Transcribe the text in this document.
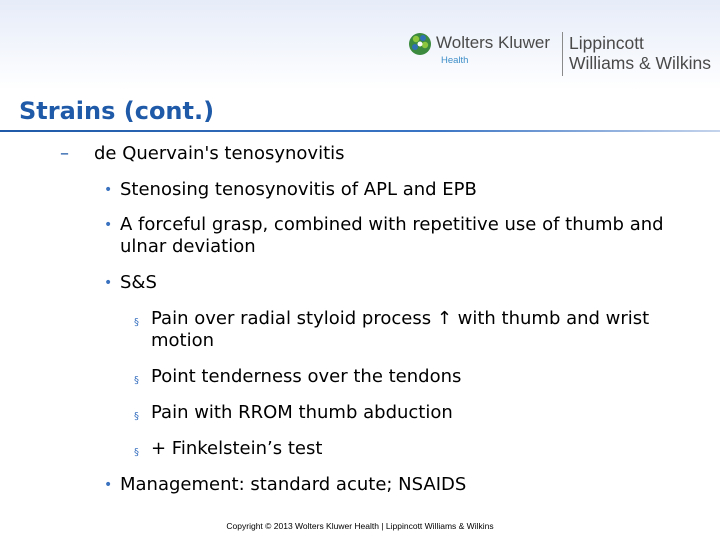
Wolters Kluwer
Health
Lippincott
Williams & Wilkins
Strains (cont.)
– de Quervain's tenosynovitis
• Stenosing tenosynovitis of APL and EPB
• A forceful grasp, combined with repetitive use of thumb and ulnar deviation
• S&S
§ Pain over radial styloid process ↑ with thumb and wrist motion
§ Point tenderness over the tendons
§ Pain with RROM thumb abduction
§ + Finkelstein’s test
• Management: standard acute; NSAIDS
Copyright © 2013 Wolters Kluwer Health | Lippincott Williams & Wilkins
